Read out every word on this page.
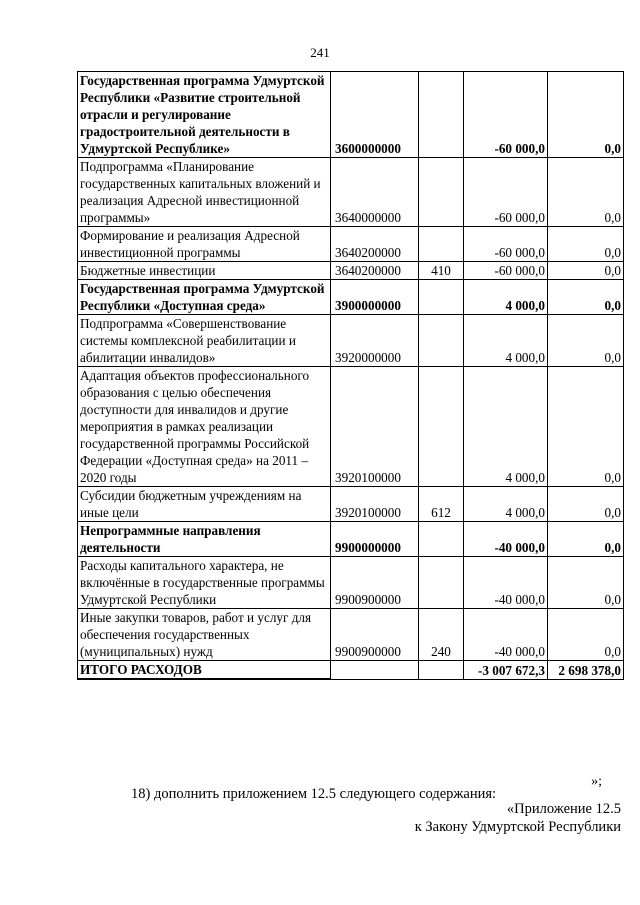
241
Государственная программа Удмуртской Республики «Развитие строительной отрасли и регулирование градостроительной деятельности в Удмуртской Республике»	3600000000		-60 000,0	0,0
Подпрограмма «Планирование государственных капитальных вложений и реализация Адресной инвестиционной программы»	3640000000		-60 000,0	0,0
Формирование и реализация Адресной инвестиционной программы	3640200000		-60 000,0	0,0
Бюджетные инвестиции	3640200000	410	-60 000,0	0,0
Государственная программа Удмуртской Республики «Доступная среда»	3900000000		4 000,0	0,0
Подпрограмма «Совершенствование системы комплексной реабилитации и абилитации инвалидов»	3920000000		4 000,0	0,0
Адаптация объектов профессионального образования с целью обеспечения доступности для инвалидов и другие мероприятия в рамках реализации государственной программы Российской Федерации «Доступная среда» на 2011 – 2020 годы	3920100000		4 000,0	0,0
Субсидии бюджетным учреждениям на иные цели	3920100000	612	4 000,0	0,0
Непрограммные направления деятельности	9900000000		-40 000,0	0,0
Расходы капитального характера, не включённые в государственные программы Удмуртской Республики	9900900000		-40 000,0	0,0
Иные закупки товаров, работ и услуг для обеспечения государственных (муниципальных) нужд	9900900000	240	-40 000,0	0,0
ИТОГО РАСХОДОВ			-3 007 672,3	2 698 378,0
»;
18) дополнить приложением 12.5 следующего содержания:
«Приложение 12.5
к Закону Удмуртской Республики
